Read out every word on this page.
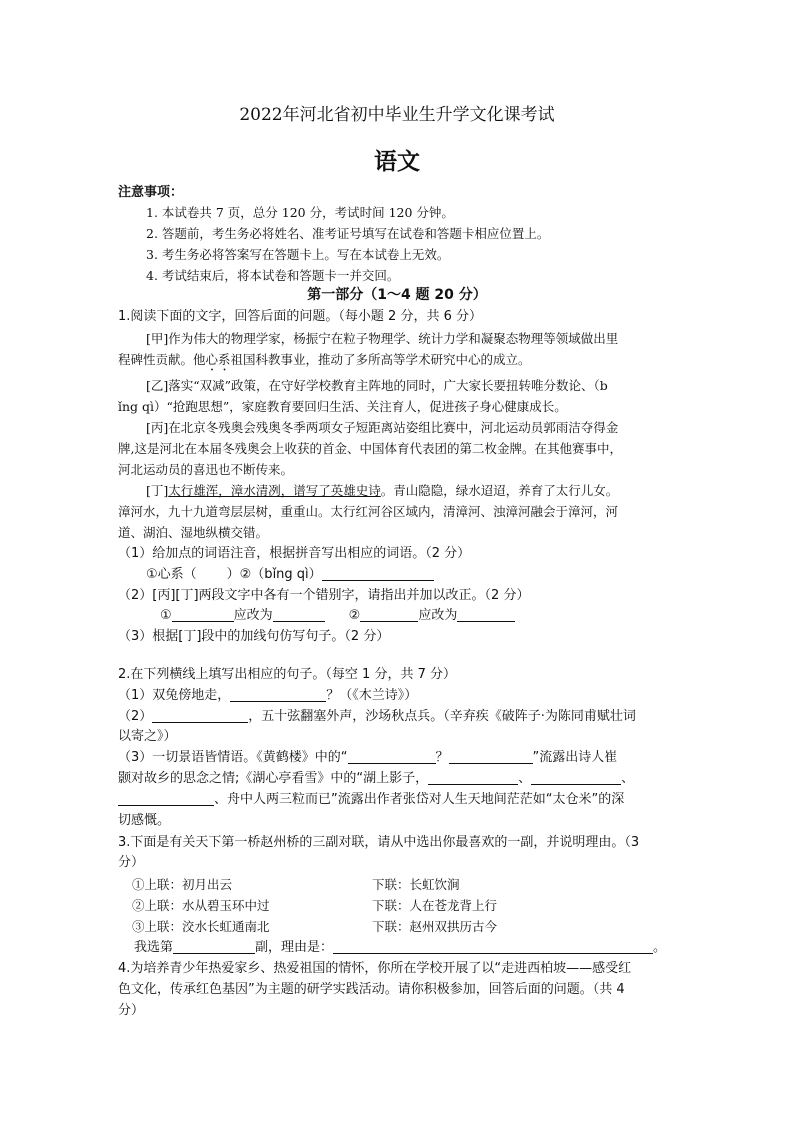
2022年河北省初中毕业生升学文化课考试
语文
注意事项：
1. 本试卷共 7 页，总分 120 分，考试时间 120 分钟。
2. 答题前，考生务必将姓名、准考证号填写在试卷和答题卡相应位置上。
3. 考生务必将答案写在答题卡上。写在本试卷上无效。
4. 考试结束后，将本试卷和答题卡一并交回。
第一部分（1～4 题 20 分）
1.阅读下面的文字，回答后面的问题。（每小题 2 分，共 6 分）
[甲]作为伟大的物理学家，杨振宁在粒子物理学、统计力学和凝聚态物理等领域做出里
程碑性贡献。他心系祖国科教事业，推动了多所高等学术研究中心的成立。
[乙]落实“双减”政策，在守好学校教育主阵地的同时，广大家长要扭转唯分数论、（b
ǐng qì）“抢跑思想”，家庭教育要回归生活、关注育人，促进孩子身心健康成长。
[丙]在北京冬残奥会残奥冬季两项女子短距离站姿组比赛中，河北运动员郭雨洁夺得金
牌,这是河北在本届冬残奥会上收获的首金、中国体育代表团的第二枚金牌。在其他赛事中，
河北运动员的喜迅也不断传来。
[丁]太行雄浑，漳水清冽，谱写了英雄史诗。青山隐隐，绿水迢迢，养育了太行儿女。
漳河水，九十九道弯层层树，重重山。太行红河谷区域内，清漳河、浊漳河融会于漳河，河
道、湖泊、湿地纵横交错。
（1）给加点的词语注音，根据拼音写出相应的词语。（2 分）
①心系（ ）②（bǐng qì）
（2）[丙][丁]两段文字中各有一个错别字，请指出并加以改正。（2 分）
①	应改为	②	应改为
（3）根据[丁]段中的加线句仿写句子。（2 分）
2.在下列横线上填写出相应的句子。（每空 1 分，共 7 分）
（1）双兔傍地走，	？（《木兰诗》）
（2）	，五十弦翻塞外声，沙场秋点兵。（辛弃疾《破阵子·为陈同甫赋壮词
以寄之》）
（3）一切景语皆情语。《黄鹤楼》中的“	？	”流露出诗人崔
颢对故乡的思念之情;《湖心亭看雪》中的“湖上影子，	、	、
、舟中人两三粒而已”流露出作者张岱对人生天地间茫茫如“太仓米”的深
切感慨。
3.下面是有关天下第一桥赵州桥的三副对联，请从中选出你最喜欢的一副，并说明理由。（3
分）
①上联：初月出云	下联：长虹饮涧
②上联：水从碧玉环中过	下联：人在苍龙背上行
③上联：洨水长虹通南北	下联：赵州双拱历古今
我选第	副，理由是：	。
4.为培养青少年热爱家乡、热爱祖国的情怀，你所在学校开展了以“走进西柏坡——感受红
色文化，传承红色基因”为主题的研学实践活动。请你积极参加，回答后面的问题。（共 4
分）
